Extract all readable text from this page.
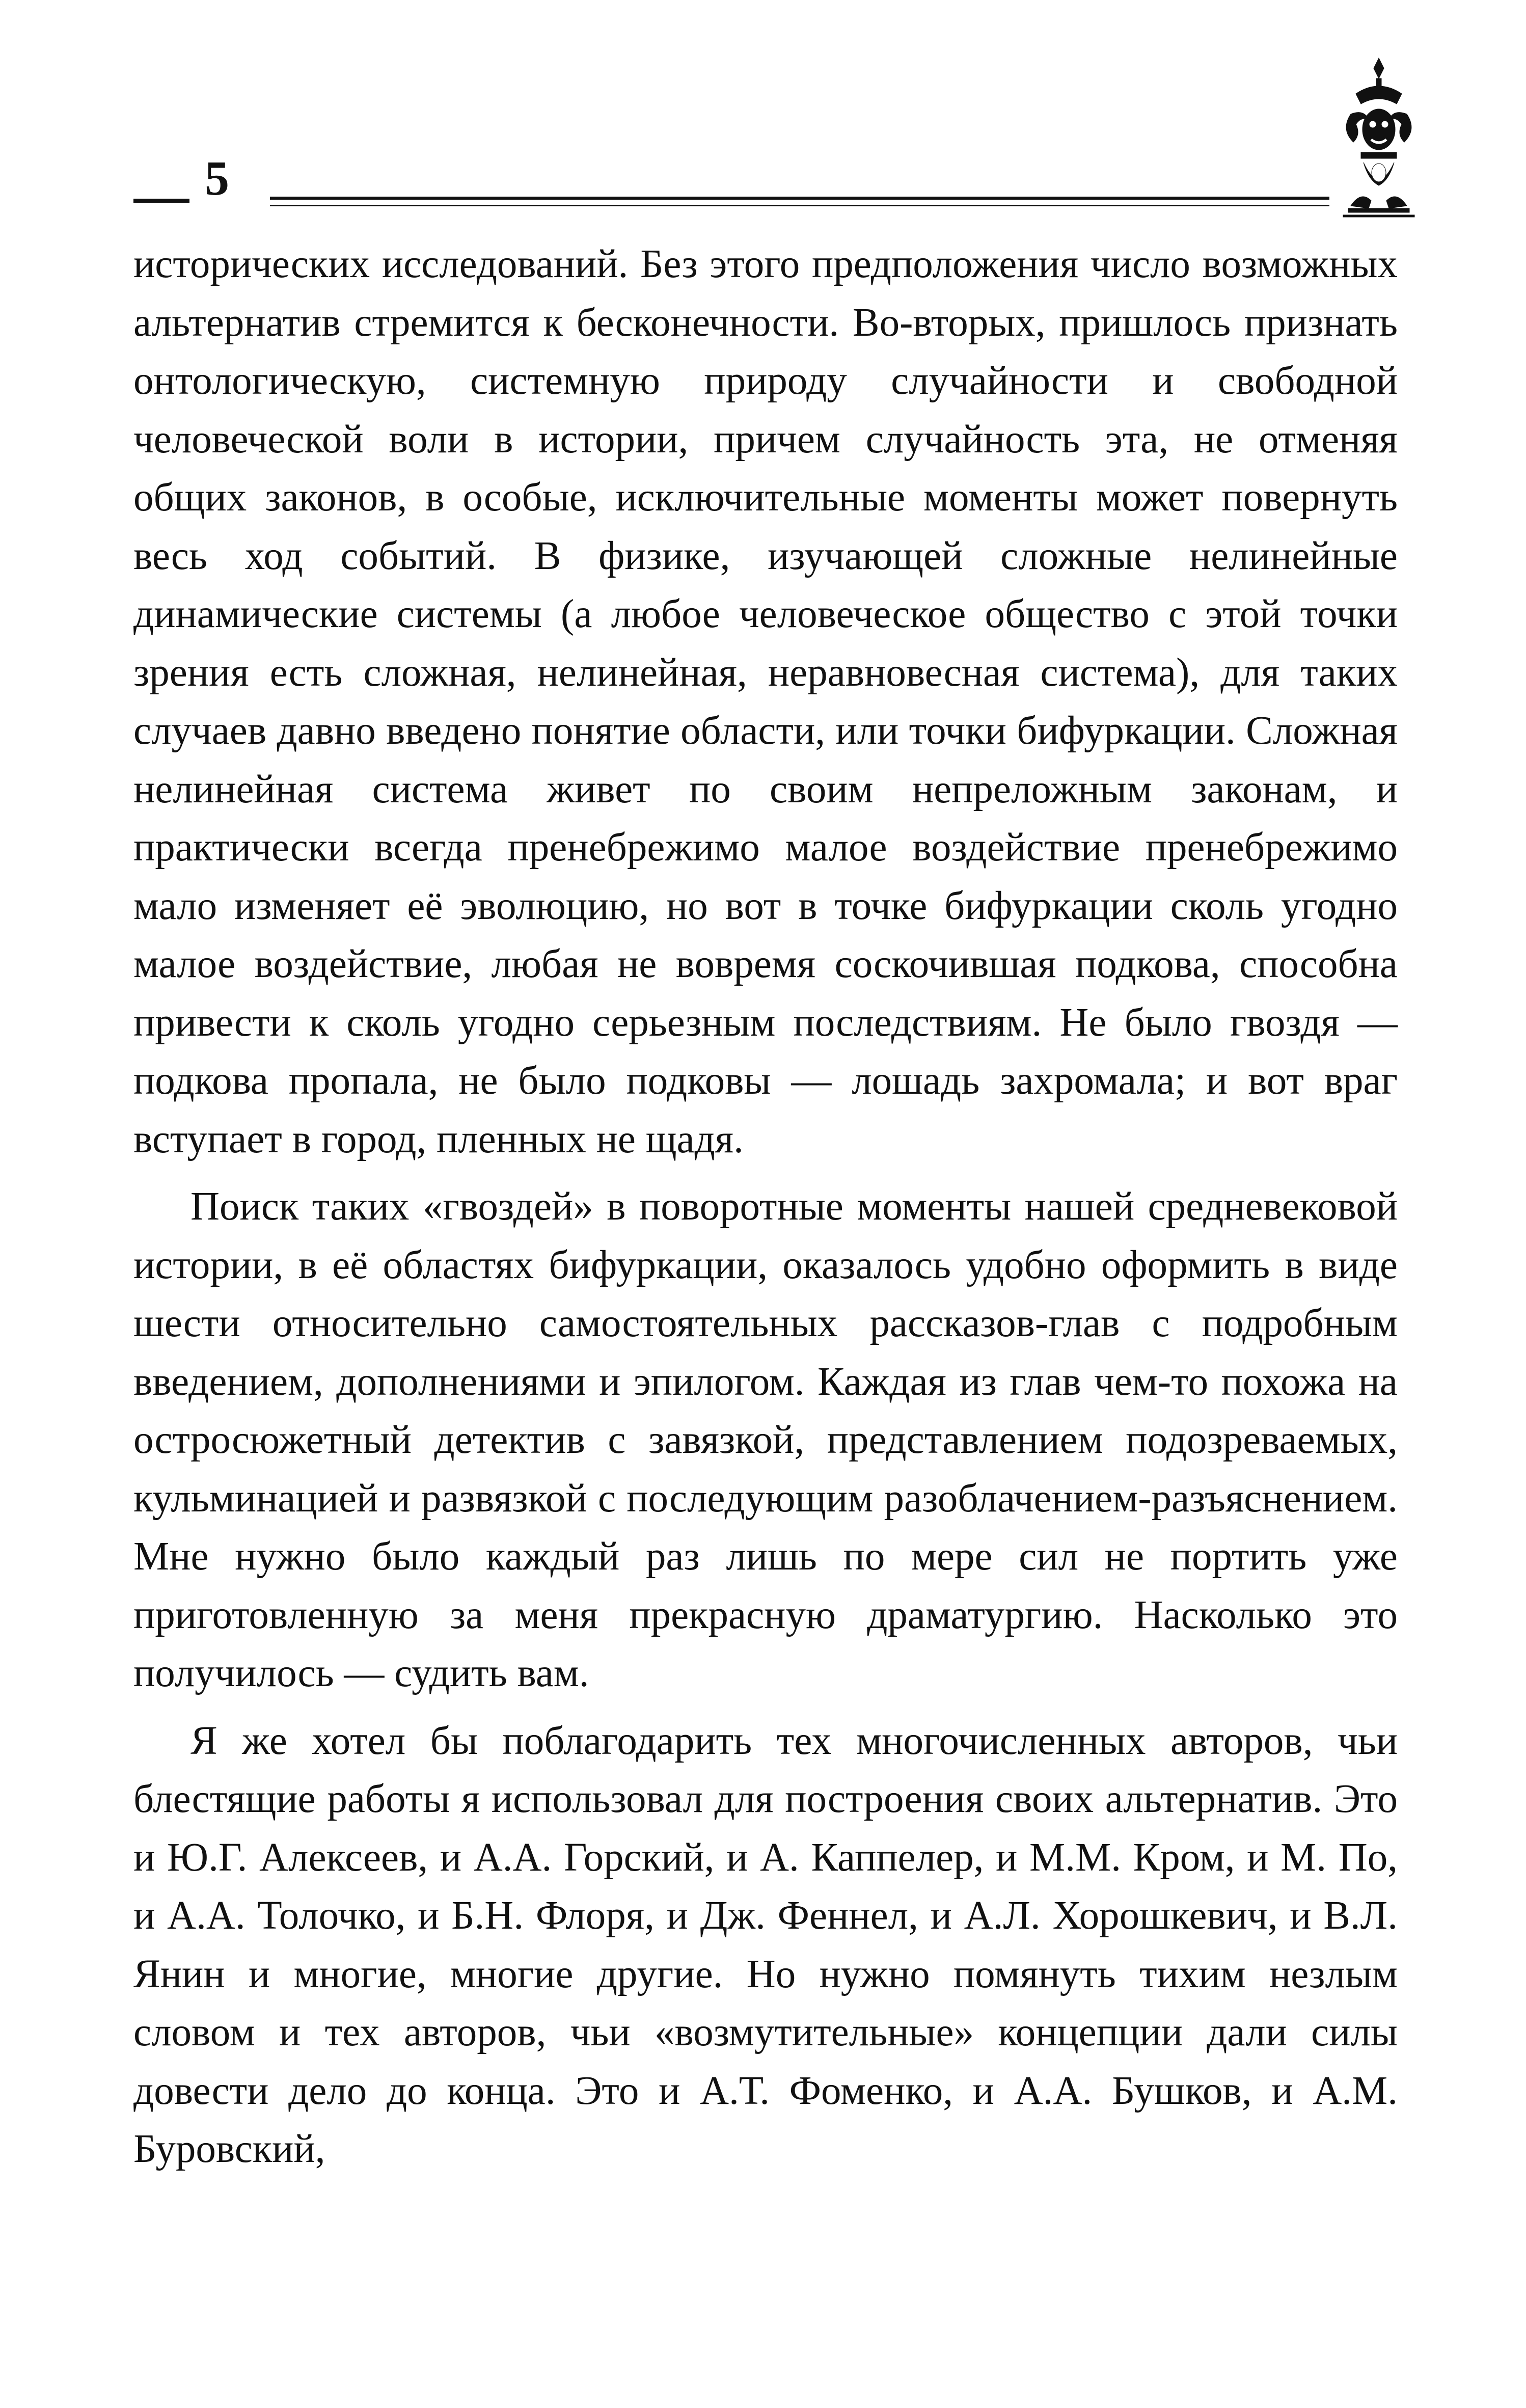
5

исторических исследований. Без этого предположения число возможных альтернатив стремится к бесконечности. Во-вторых, пришлось признать онтологическую, системную природу случайности и свободной человеческой воли в истории, причем случайность эта, не отменяя общих законов, в особые, исключительные моменты может повернуть весь ход событий. В физике, изучающей сложные нелинейные динамические системы (а любое человеческое общество с этой точки зрения есть сложная, нелинейная, неравновесная система), для таких случаев давно введено понятие области, или точки бифуркации. Сложная нелинейная система живет по своим непреложным законам, и практически всегда пренебрежимо малое воздействие пренебрежимо мало изменяет её эволюцию, но вот в точке бифуркации сколь угодно малое воздействие, любая не вовремя соскочившая подкова, способна привести к сколь угодно серьезным последствиям. Не было гвоздя — подкова пропала, не было подковы — лошадь захромала; и вот враг вступает в город, пленных не щадя.

Поиск таких «гвоздей» в поворотные моменты нашей средневековой истории, в её областях бифуркации, оказалось удобно оформить в виде шести относительно самостоятельных рассказов-глав с подробным введением, дополнениями и эпилогом. Каждая из глав чем-то похожа на остросюжетный детектив с завязкой, представлением подозреваемых, кульминацией и развязкой с последующим разоблачением-разъяснением. Мне нужно было каждый раз лишь по мере сил не портить уже приготовленную за меня прекрасную драматургию. Насколько это получилось — судить вам.

Я же хотел бы поблагодарить тех многочисленных авторов, чьи блестящие работы я использовал для построения своих альтернатив. Это и Ю.Г. Алексеев, и А.А. Горский, и А. Каппелер, и М.М. Кром, и М. По, и А.А. Толочко, и Б.Н. Флоря, и Дж. Феннел, и А.Л. Хорошкевич, и В.Л. Янин и многие, многие другие. Но нужно помянуть тихим незлым словом и тех авторов, чьи «возмутительные» концепции дали силы довести дело до конца. Это и А.Т. Фоменко, и А.А. Бушков, и А.М. Буровский,
